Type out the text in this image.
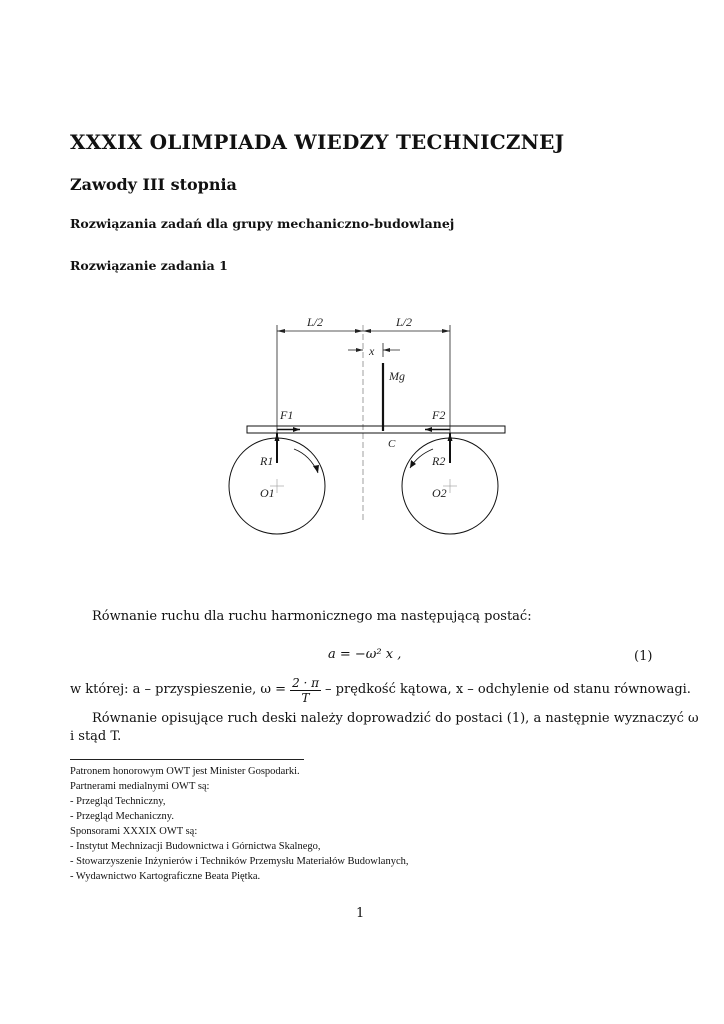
XXXIX OLIMPIADA WIEDZY TECHNICZNEJ
Zawody III stopnia
Rozwiązania zadań dla grupy mechaniczno-budowlanej
Rozwiązanie zadania 1
L/2	L/2
x
Mg
F1	F2
C
R1	R2
O1	O2
Równanie ruchu dla ruchu harmonicznego ma następującą postać:
a = −ω² x ,	(1)
w której: a – przyspieszenie, $\omega = \frac{2 \cdot \pi}{T}$ – prędkość kątowa, x – odchylenie od stanu równowagi.
Równanie opisujące ruch deski należy doprowadzić do postaci (1), a następnie wyznaczyć ω
i stąd T.
Patronem honorowym OWT jest Minister Gospodarki.
Partnerami medialnymi OWT są:
- Przegląd Techniczny,
- Przegląd Mechaniczny.
Sponsorami XXXIX OWT są:
- Instytut Mechnizacji Budownictwa i Górnictwa Skalnego,
- Stowarzyszenie Inżynierów i Techników Przemysłu Materiałów Budowlanych,
- Wydawnictwo Kartograficzne Beata Piętka.
1
